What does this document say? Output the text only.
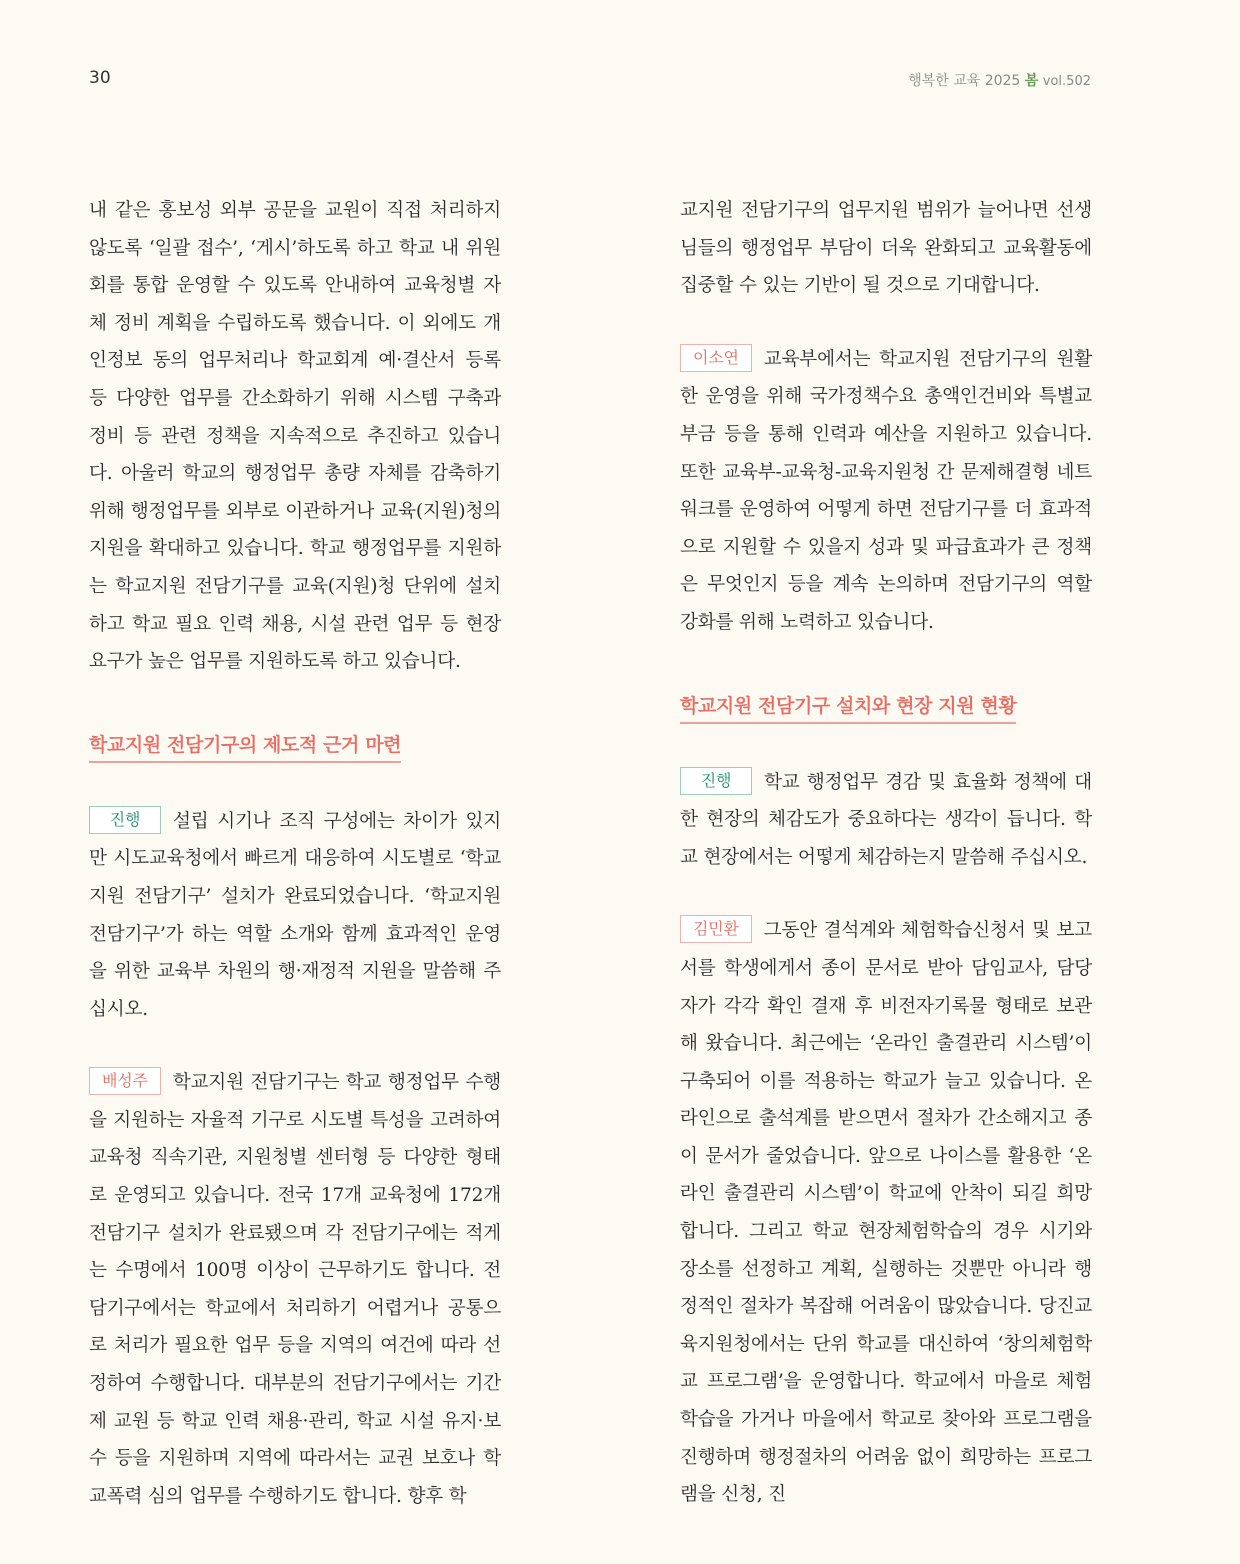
30	행복한 교육 2025 봄 vol.502

내 같은 홍보성 외부 공문을 교원이 직접 처리하지 않도록 ‘일괄 접수’, ‘게시’하도록 하고 학교 내 위원회를 통합 운영할 수 있도록 안내하여 교육청별 자체 정비 계획을 수립하도록 했습니다. 이 외에도 개인정보 동의 업무처리나 학교회계 예·결산서 등록 등 다양한 업무를 간소화하기 위해 시스템 구축과 정비 등 관련 정책을 지속적으로 추진하고 있습니다. 아울러 학교의 행정업무 총량 자체를 감축하기 위해 행정업무를 외부로 이관하거나 교육(지원)청의 지원을 확대하고 있습니다. 학교 행정업무를 지원하는 학교지원 전담기구를 교육(지원)청 단위에 설치하고 학교 필요 인력 채용, 시설 관련 업무 등 현장 요구가 높은 업무를 지원하도록 하고 있습니다.

학교지원 전담기구의 제도적 근거 마련

진행 설립 시기나 조직 구성에는 차이가 있지만 시도교육청에서 빠르게 대응하여 시도별로 ‘학교지원 전담기구’ 설치가 완료되었습니다. ‘학교지원 전담기구’가 하는 역할 소개와 함께 효과적인 운영을 위한 교육부 차원의 행·재정적 지원을 말씀해 주십시오.

배성주 학교지원 전담기구는 학교 행정업무 수행을 지원하는 자율적 기구로 시도별 특성을 고려하여 교육청 직속기관, 지원청별 센터형 등 다양한 형태로 운영되고 있습니다. 전국 17개 교육청에 172개 전담기구 설치가 완료됐으며 각 전담기구에는 적게는 수명에서 100명 이상이 근무하기도 합니다. 전담기구에서는 학교에서 처리하기 어렵거나 공통으로 처리가 필요한 업무 등을 지역의 여건에 따라 선정하여 수행합니다. 대부분의 전담기구에서는 기간제 교원 등 학교 인력 채용·관리, 학교 시설 유지·보수 등을 지원하며 지역에 따라서는 교권 보호나 학교폭력 심의 업무를 수행하기도 합니다. 향후 학

교지원 전담기구의 업무지원 범위가 늘어나면 선생님들의 행정업무 부담이 더욱 완화되고 교육활동에 집중할 수 있는 기반이 될 것으로 기대합니다.

이소연 교육부에서는 학교지원 전담기구의 원활한 운영을 위해 국가정책수요 총액인건비와 특별교부금 등을 통해 인력과 예산을 지원하고 있습니다. 또한 교육부-교육청-교육지원청 간 문제해결형 네트워크를 운영하여 어떻게 하면 전담기구를 더 효과적으로 지원할 수 있을지 성과 및 파급효과가 큰 정책은 무엇인지 등을 계속 논의하며 전담기구의 역할 강화를 위해 노력하고 있습니다.

학교지원 전담기구 설치와 현장 지원 현황

진행 학교 행정업무 경감 및 효율화 정책에 대한 현장의 체감도가 중요하다는 생각이 듭니다. 학교 현장에서는 어떻게 체감하는지 말씀해 주십시오.

김민환 그동안 결석계와 체험학습신청서 및 보고서를 학생에게서 종이 문서로 받아 담임교사, 담당자가 각각 확인 결재 후 비전자기록물 형태로 보관해 왔습니다. 최근에는 ‘온라인 출결관리 시스템’이 구축되어 이를 적용하는 학교가 늘고 있습니다. 온라인으로 출석계를 받으면서 절차가 간소해지고 종이 문서가 줄었습니다. 앞으로 나이스를 활용한 ‘온라인 출결관리 시스템’이 학교에 안착이 되길 희망합니다. 그리고 학교 현장체험학습의 경우 시기와 장소를 선정하고 계획, 실행하는 것뿐만 아니라 행정적인 절차가 복잡해 어려움이 많았습니다. 당진교육지원청에서는 단위 학교를 대신하여 ‘창의체험학교 프로그램’을 운영합니다. 학교에서 마을로 체험학습을 가거나 마을에서 학교로 찾아와 프로그램을 진행하며 행정절차의 어려움 없이 희망하는 프로그램을 신청, 진
